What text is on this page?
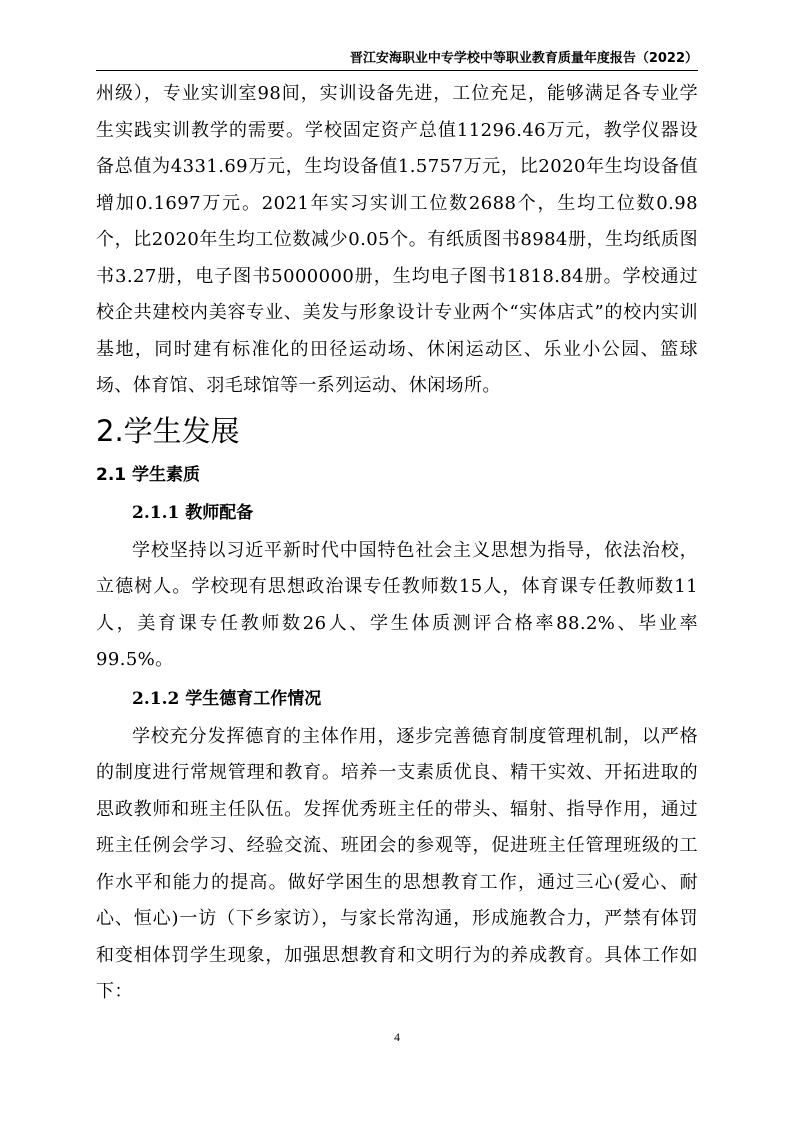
晋江安海职业中专学校中等职业教育质量年度报告（2022）

州级），专业实训室98间，实训设备先进，工位充足，能够满足各专业学生实践实训教学的需要。学校固定资产总值11296.46万元，教学仪器设备总值为4331.69万元，生均设备值1.5757万元，比2020年生均设备值增加0.1697万元。2021年实习实训工位数2688个，生均工位数0.98个，比2020年生均工位数减少0.05个。有纸质图书8984册，生均纸质图书3.27册，电子图书5000000册，生均电子图书1818.84册。学校通过校企共建校内美容专业、美发与形象设计专业两个“实体店式”的校内实训基地，同时建有标准化的田径运动场、休闲运动区、乐业小公园、篮球场、体育馆、羽毛球馆等一系列运动、休闲场所。

2.学生发展
2.1 学生素质
2.1.1 教师配备

学校坚持以习近平新时代中国特色社会主义思想为指导，依法治校，立德树人。学校现有思想政治课专任教师数15人，体育课专任教师数11人，美育课专任教师数26人、学生体质测评合格率88.2%、毕业率99.5%。

2.1.2 学生德育工作情况

学校充分发挥德育的主体作用，逐步完善德育制度管理机制，以严格的制度进行常规管理和教育。培养一支素质优良、精干实效、开拓进取的思政教师和班主任队伍。发挥优秀班主任的带头、辐射、指导作用，通过班主任例会学习、经验交流、班团会的参观等，促进班主任管理班级的工作水平和能力的提高。做好学困生的思想教育工作，通过三心(爱心、耐心、恒心)一访（下乡家访），与家长常沟通，形成施教合力，严禁有体罚和变相体罚学生现象，加强思想教育和文明行为的养成教育。具体工作如下：

4
